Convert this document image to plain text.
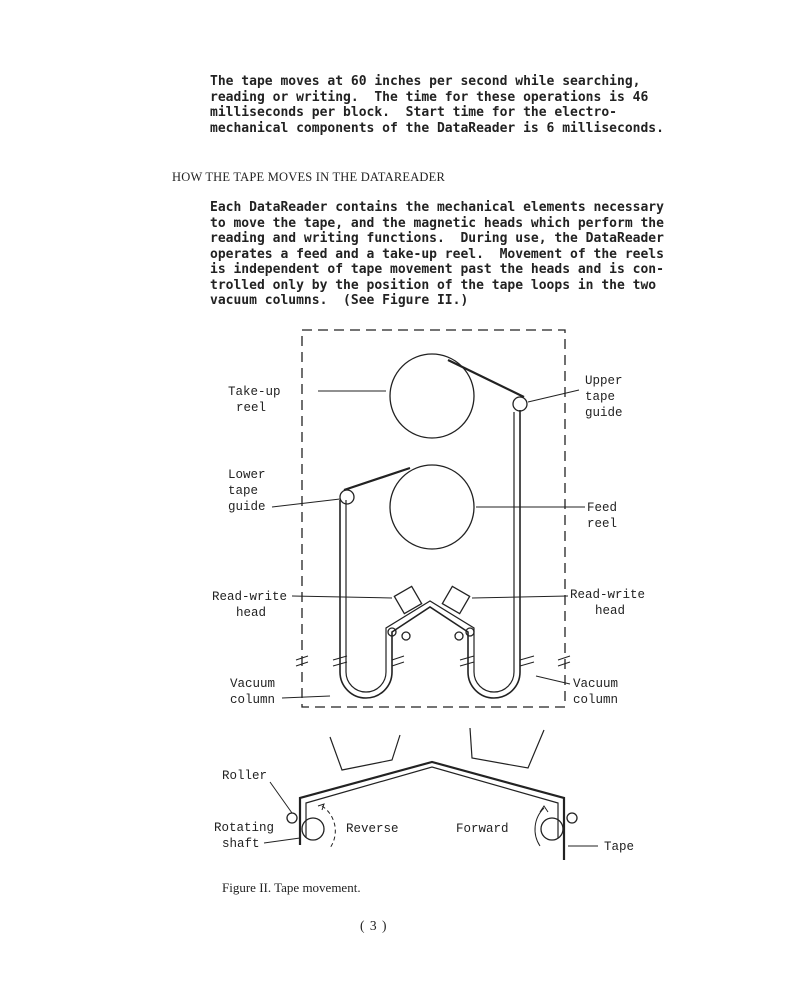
The tape moves at 60 inches per second while searching,
reading or writing.  The time for these operations is 46
milliseconds per block.  Start time for the electro-
mechanical components of the DataReader is 6 milliseconds.

HOW THE TAPE MOVES IN THE DATAREADER

Each DataReader contains the mechanical elements necessary
to move the tape, and the magnetic heads which perform the
reading and writing functions.  During use, the DataReader
operates a feed and a take-up reel.  Movement of the reels
is independent of tape movement past the heads and is con-
trolled only by the position of the tape loops in the two
vacuum columns.  (See Figure II.)
Take-up
reel
Upper
tape
guide
Lower
tape
guide	Feed
reel
Read-write
head
Read-write
head
Vacuum
column
Vacuum
column
Roller
Rotating
shaft
Reverse	Forward
Tape

Figure II. Tape movement.

( 3 )
